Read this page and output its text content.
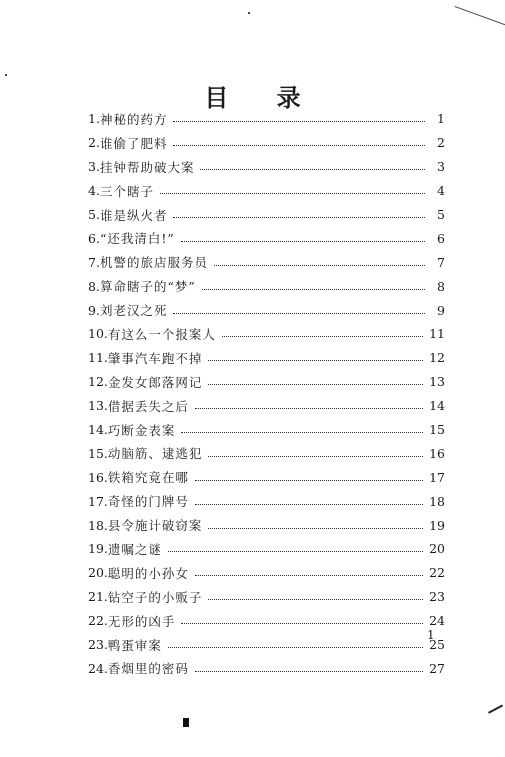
目 录
1. 神秘的药方	1
2. 谁偷了肥料	2
3. 挂钟帮助破大案	3
4. 三个瞎子	4
5. 谁是纵火者	5
6. “还我清白!”	6
7. 机警的旅店服务员	7
8. 算命瞎子的“梦”	8
9. 刘老汉之死	9
10. 有这么一个报案人	11
11. 肇事汽车跑不掉	12
12. 金发女郎落网记	13
13. 借据丢失之后	14
14. 巧断金表案	15
15. 动脑筋、逮逃犯	16
16. 铁箱究竟在哪	17
17. 奇怪的门牌号	18
18. 县令施计破窃案	19
19. 遗嘱之谜	20
20. 聪明的小孙女	22
21. 钻空子的小贩子	23
22. 无形的凶手	24
23. 鸭蛋审案	25
24. 香烟里的密码	27
1
